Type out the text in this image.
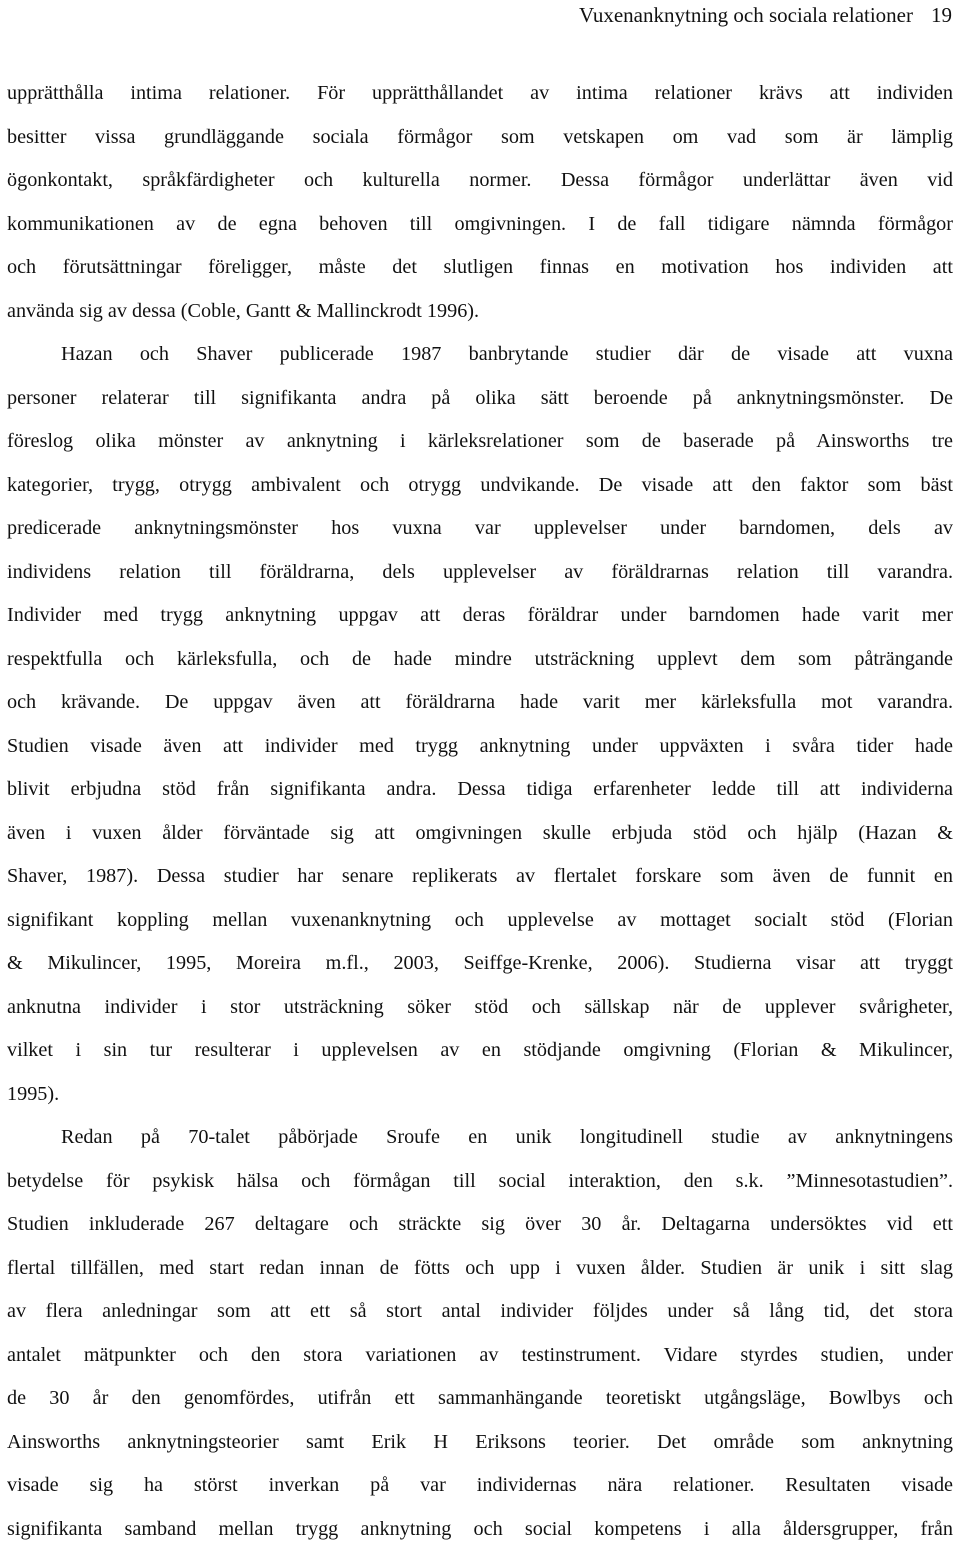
Vuxenanknytning och sociala relationer 19
upprätthålla intima relationer. För upprätthållandet av intima relationer krävs att individen
besitter vissa grundläggande sociala förmågor som vetskapen om vad som är lämplig
ögonkontakt, språkfärdigheter och kulturella normer. Dessa förmågor underlättar även vid
kommunikationen av de egna behoven till omgivningen. I de fall tidigare nämnda förmågor
och förutsättningar föreligger, måste det slutligen finnas en motivation hos individen att
använda sig av dessa (Coble, Gantt & Mallinckrodt 1996).
Hazan och Shaver publicerade 1987 banbrytande studier där de visade att vuxna
personer relaterar till signifikanta andra på olika sätt beroende på anknytningsmönster. De
föreslog olika mönster av anknytning i kärleksrelationer som de baserade på Ainsworths tre
kategorier, trygg, otrygg ambivalent och otrygg undvikande. De visade att den faktor som bäst
predicerade anknytningsmönster hos vuxna var upplevelser under barndomen, dels av
individens relation till föräldrarna, dels upplevelser av föräldrarnas relation till varandra.
Individer med trygg anknytning uppgav att deras föräldrar under barndomen hade varit mer
respektfulla och kärleksfulla, och de hade mindre utsträckning upplevt dem som påträngande
och krävande. De uppgav även att föräldrarna hade varit mer kärleksfulla mot varandra.
Studien visade även att individer med trygg anknytning under uppväxten i svåra tider hade
blivit erbjudna stöd från signifikanta andra. Dessa tidiga erfarenheter ledde till att individerna
även i vuxen ålder förväntade sig att omgivningen skulle erbjuda stöd och hjälp (Hazan &
Shaver, 1987). Dessa studier har senare replikerats av flertalet forskare som även de funnit en
signifikant koppling mellan vuxenanknytning och upplevelse av mottaget socialt stöd (Florian
& Mikulincer, 1995, Moreira m.fl., 2003, Seiffge-Krenke, 2006). Studierna visar att tryggt
anknutna individer i stor utsträckning söker stöd och sällskap när de upplever svårigheter,
vilket i sin tur resulterar i upplevelsen av en stödjande omgivning (Florian & Mikulincer,
1995).
Redan på 70-talet påbörjade Sroufe en unik longitudinell studie av anknytningens
betydelse för psykisk hälsa och förmågan till social interaktion, den s.k. ”Minnesotastudien”.
Studien inkluderade 267 deltagare och sträckte sig över 30 år. Deltagarna undersöktes vid ett
flertal tillfällen, med start redan innan de fötts och upp i vuxen ålder. Studien är unik i sitt slag
av flera anledningar som att ett så stort antal individer följdes under så lång tid, det stora
antalet mätpunkter och den stora variationen av testinstrument. Vidare styrdes studien, under
de 30 år den genomfördes, utifrån ett sammanhängande teoretiskt utgångsläge, Bowlbys och
Ainsworths anknytningsteorier samt Erik H Eriksons teorier. Det område som anknytning
visade sig ha störst inverkan på var individernas nära relationer. Resultaten visade
signifikanta samband mellan trygg anknytning och social kompetens i alla åldersgrupper, från
